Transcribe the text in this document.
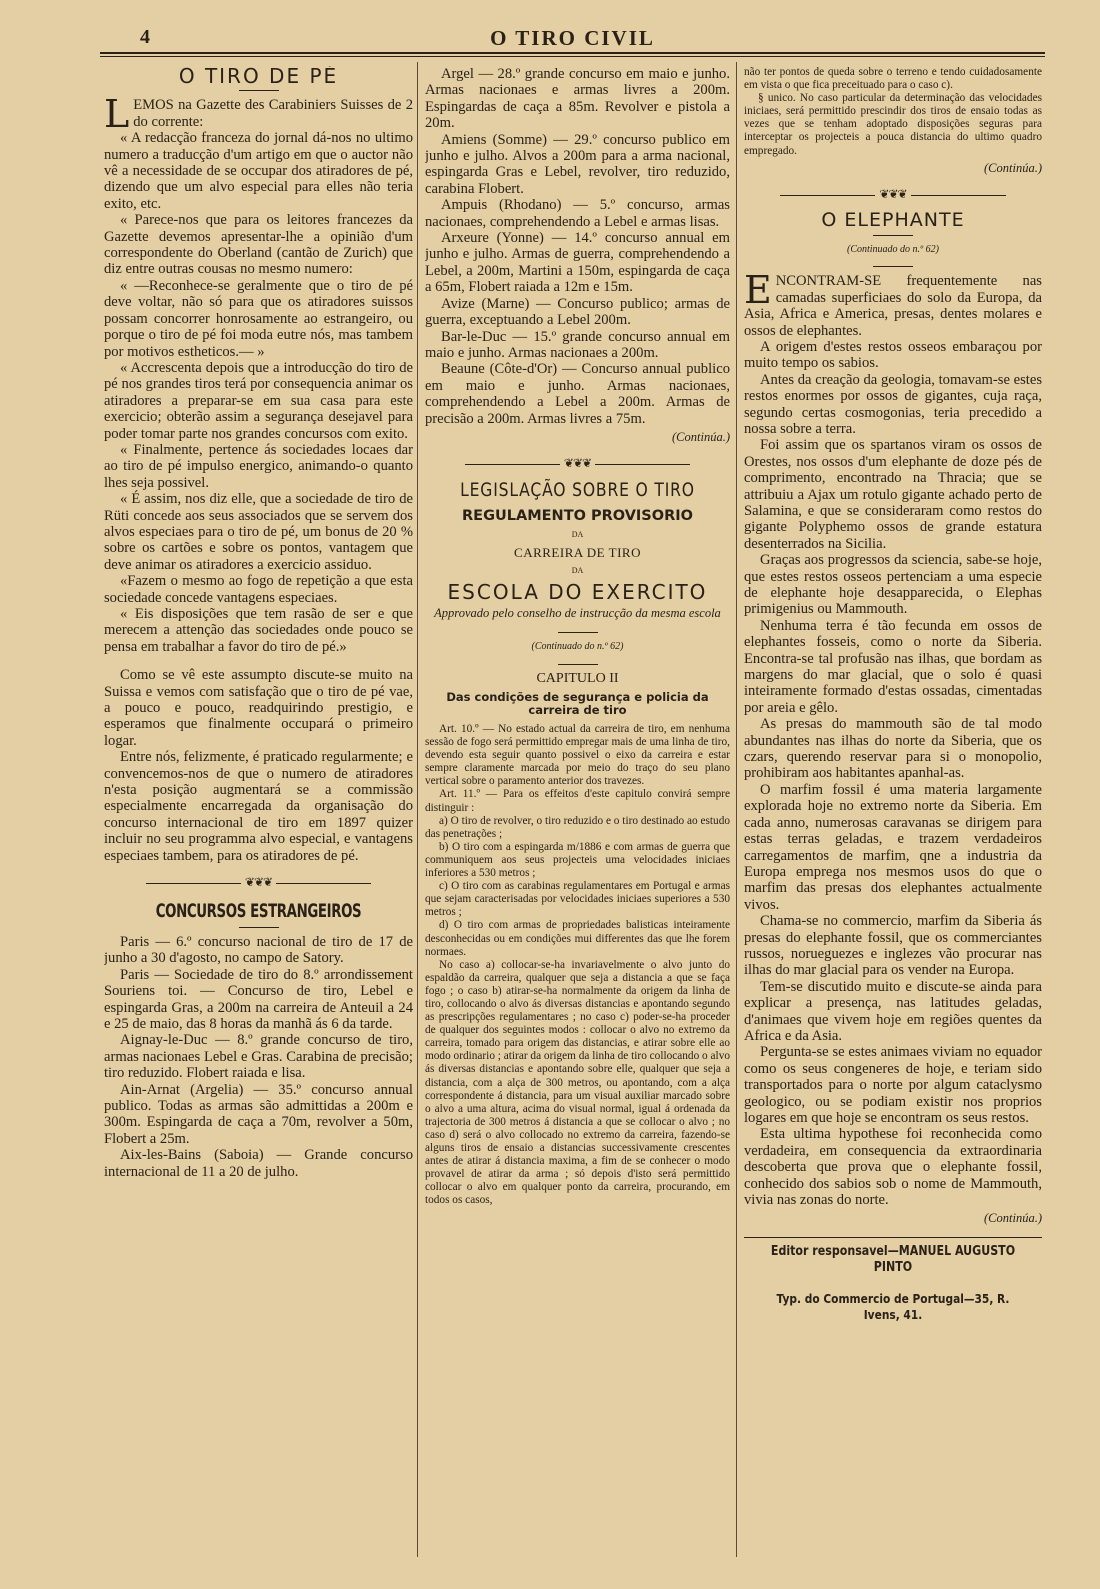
4	O TIRO CIVIL
O TIRO DE PÉ

LEMOS na Gazette des Carabiniers Suisses de 2 do corrente:

« A redacção franceza do jornal dá-nos no ultimo numero a traducção d'um artigo em que o auctor não vê a necessidade de se occupar dos atiradores de pé, dizendo que um alvo especial para elles não teria exito, etc.

« Parece-nos que para os leitores francezes da Gazette devemos apresentar-lhe a opinião d'um correspondente do Oberland (cantão de Zurich) que diz entre outras cousas no mesmo numero:

« —Reconhece-se geralmente que o tiro de pé deve voltar, não só para que os atiradores suissos possam concorrer honrosamente ao estrangeiro, ou porque o tiro de pé foi moda eutre nós, mas tambem por motivos estheticos.— »

« Accrescenta depois que a introducção do tiro de pé nos grandes tiros terá por consequencia animar os atiradores a preparar-se em sua casa para este exercicio; obterão assim a segurança desejavel para poder tomar parte nos grandes concursos com exito.

« Finalmente, pertence ás sociedades locaes dar ao tiro de pé impulso energico, animando-o quanto lhes seja possivel.

« É assim, nos diz elle, que a sociedade de tiro de Rüti concede aos seus associados que se servem dos alvos especiaes para o tiro de pé, um bonus de 20 % sobre os cartões e sobre os pontos, vantagem que deve animar os atiradores a exercicio assiduo.

«Fazem o mesmo ao fogo de repetição a que esta sociedade concede vantagens especiaes.

« Eis disposições que tem rasão de ser e que merecem a attenção das sociedades onde pouco se pensa em trabalhar a favor do tiro de pé.»

Como se vê este assumpto discute-se muito na Suissa e vemos com satisfação que o tiro de pé vae, a pouco e pouco, readquirindo prestigio, e esperamos que finalmente occupará o primeiro logar.

Entre nós, felizmente, é praticado regularmente; e convencemos-nos de que o numero de atiradores n'esta posição augmentará se a commissão especialmente encarregada da organisação do concurso internacional de tiro em 1897 quizer incluir no seu programma alvo especial, e vantagens especiaes tambem, para os atiradores de pé.

❦❦❦
CONCURSOS ESTRANGEIROS

Paris — 6.º concurso nacional de tiro de 17 de junho a 30 d'agosto, no campo de Satory.

Paris — Sociedade de tiro do 8.º arrondissement Souriens toi. — Concurso de tiro, Lebel e espingarda Gras, a 200m na carreira de Anteuil a 24 e 25 de maio, das 8 horas da manhã ás 6 da tarde.

Aignay-le-Duc — 8.º grande concurso de tiro, armas nacionaes Lebel e Gras. Carabina de precisão; tiro reduzido. Flobert raiada e lisa.

Ain-Arnat (Argelia) — 35.º concurso annual publico. Todas as armas são admittidas a 200m e 300m. Espingarda de caça a 70m, revolver a 50m, Flobert a 25m.

Aix-les-Bains (Saboia) — Grande concurso internacional de 11 a 20 de julho.

Argel — 28.º grande concurso em maio e junho. Armas nacionaes e armas livres a 200m. Espingardas de caça a 85m. Revolver e pistola a 20m.

Amiens (Somme) — 29.º concurso publico em junho e julho. Alvos a 200m para a arma nacional, espingarda Gras e Lebel, revolver, tiro reduzido, carabina Flobert.

Ampuis (Rhodano) — 5.º concurso, armas nacionaes, comprehendendo a Lebel e armas lisas.

Arxeure (Yonne) — 14.º concurso annual em junho e julho. Armas de guerra, comprehendendo a Lebel, a 200m, Martini a 150m, espingarda de caça a 65m, Flobert raiada a 12m e 15m.

Avize (Marne) — Concurso publico; armas de guerra, exceptuando a Lebel 200m.

Bar-le-Duc — 15.º grande concurso annual em maio e junho. Armas nacionaes a 200m.

Beaune (Côte-d'Or) — Concurso annual publico em maio e junho. Armas nacionaes, comprehendendo a Lebel a 200m. Armas de precisão a 200m. Armas livres a 75m.

(Continúa.)
❦❦❦
LEGISLAÇÃO SOBRE O TIRO
REGULAMENTO PROVISORIO
DA
CARREIRA DE TIRO
DA
ESCOLA DO EXERCITO
Approvado pelo conselho de instrucção da mesma escola
(Continuado do n.º 62)
CAPITULO II
Das condições de segurança e policia da carreira de tiro

Art. 10.º — No estado actual da carreira de tiro, em nenhuma sessão de fogo será permittido empregar mais de uma linha de tiro, devendo esta seguir quanto possivel o eixo da carreira e estar sempre claramente marcada por meio do traço do seu plano vertical sobre o paramento anterior dos travezes.

Art. 11.º — Para os effeitos d'este capitulo convirá sempre distinguir :

a) O tiro de revolver, o tiro reduzido e o tiro destinado ao estudo das penetrações ;

b) O tiro com a espingarda m/1886 e com armas de guerra que communiquem aos seus projecteis uma velocidades iniciaes inferiores a 530 metros ;

c) O tiro com as carabinas regulamentares em Portugal e armas que sejam caracterisadas por velocidades iniciaes superiores a 530 metros ;

d) O tiro com armas de propriedades balisticas inteiramente desconhecidas ou em condições mui differentes das que lhe forem normaes.

No caso a) collocar-se-ha invariavelmente o alvo junto do espaldão da carreira, qualquer que seja a distancia a que se faça fogo ; o caso b) atirar-se-ha normalmente da origem da linha de tiro, collocando o alvo ás diversas distancias e apontando segundo as prescripções regulamentares ; no caso c) poder-se-ha proceder de qualquer dos seguintes modos : collocar o alvo no extremo da carreira, tomado para origem das distancias, e atirar sobre elle ao modo ordinario ; atirar da origem da linha de tiro collocando o alvo ás diversas distancias e apontando sobre elle, qualquer que seja a distancia, com a alça de 300 metros, ou apontando, com a alça correspondente á distancia, para um visual auxiliar marcado sobre o alvo a uma altura, acima do visual normal, igual á ordenada da trajectoria de 300 metros á distancia a que se collocar o alvo ; no caso d) será o alvo collocado no extremo da carreira, fazendo-se alguns tiros de ensaio a distancias successivamente crescentes antes de atirar á distancia maxima, a fim de se conhecer o modo provavel de atirar da arma ; só depois d'isto será permittido collocar o alvo em qualquer ponto da carreira, procurando, em todos os casos,

não ter pontos de queda sobre o terreno e tendo cuidadosamente em vista o que fica preceituado para o caso c).

§ unico. No caso particular da determinação das velocidades iniciaes, será permittido prescindir dos tiros de ensaio todas as vezes que se tenham adoptado disposições seguras para interceptar os projecteis a pouca distancia do ultimo quadro empregado.

(Continúa.)
❦❦❦
O ELEPHANTE
(Continuado do n.º 62)

ENCONTRAM-SE frequentemente nas camadas superficiaes do solo da Europa, da Asia, Africa e America, presas, dentes molares e ossos de elephantes.

A origem d'estes restos osseos embaraçou por muito tempo os sabios.

Antes da creação da geologia, tomavam-se estes restos enormes por ossos de gigantes, cuja raça, segundo certas cosmogonias, teria precedido a nossa sobre a terra.

Foi assim que os spartanos viram os ossos de Orestes, nos ossos d'um elephante de doze pés de comprimento, encontrado na Thracia; que se attribuiu a Ajax um rotulo gigante achado perto de Salamina, e que se consideraram como restos do gigante Polyphemo ossos de grande estatura desenterrados na Sicilia.

Graças aos progressos da sciencia, sabe-se hoje, que estes restos osseos pertenciam a uma especie de elephante hoje desapparecida, o Elephas primigenius ou Mammouth.

Nenhuma terra é tão fecunda em ossos de elephantes fosseis, como o norte da Siberia. Encontra-se tal profusão nas ilhas, que bordam as margens do mar glacial, que o solo é quasi inteiramente formado d'estas ossadas, cimentadas por areia e gêlo.

As presas do mammouth são de tal modo abundantes nas ilhas do norte da Siberia, que os czars, querendo reservar para si o monopolio, prohibiram aos habitantes apanhal-as.

O marfim fossil é uma materia largamente explorada hoje no extremo norte da Siberia. Em cada anno, numerosas caravanas se dirigem para estas terras geladas, e trazem verdadeiros carregamentos de marfim, qne a industria da Europa emprega nos mesmos usos do que o marfim das presas dos elephantes actualmente vivos.

Chama-se no commercio, marfim da Siberia ás presas do elephante fossil, que os commerciantes russos, norueguezes e inglezes vão procurar nas ilhas do mar glacial para os vender na Europa.

Tem-se discutido muito e discute-se ainda para explicar a presença, nas latitudes geladas, d'animaes que vivem hoje em regiões quentes da Africa e da Asia.

Pergunta-se se estes animaes viviam no equador como os seus congeneres de hoje, e teriam sido transportados para o norte por algum cataclysmo geologico, ou se podiam existir nos proprios logares em que hoje se encontram os seus restos.

Esta ultima hypothese foi reconhecida como verdadeira, em consequencia da extraordinaria descoberta que prova que o elephante fossil, conhecido dos sabios sob o nome de Mammouth, vivia nas zonas do norte.

(Continúa.)
Editor responsavel—MANUEL AUGUSTO PINTO
Typ. do Commercio de Portugal—35, R. Ivens, 41.
